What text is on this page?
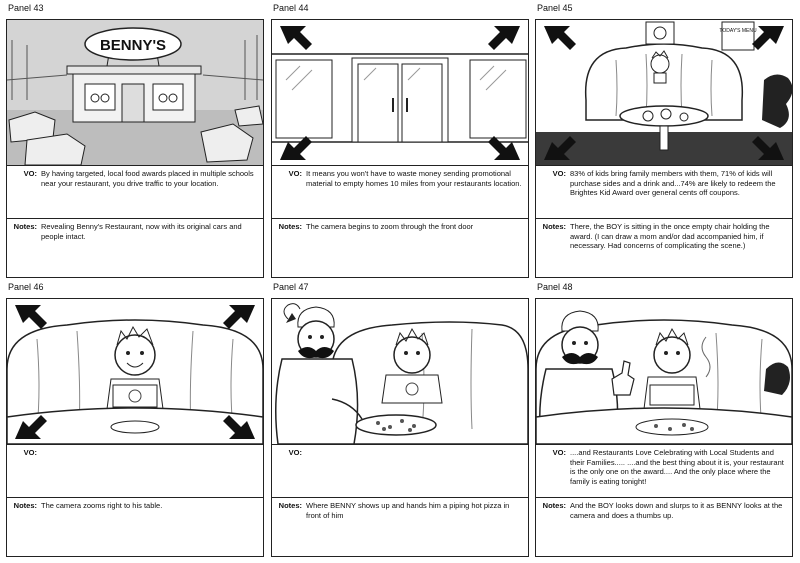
Panel 43
BENNY'S
VO: By having targeted, local food awards placed in multiple schools near your restaurant, you drive traffic to your location.
Notes: Revealing Benny's Restaurant, now with its original cars and people intact.
Panel 44
VO: It means you won't have to waste money sending promotional material to empty homes 10 miles from your restaurants location.
Notes: The camera begins to zoom through the front door
Panel 45
TODAY'S MENU
VO: 83% of kids bring family members with them, 71% of kids will purchase sides and a drink and...74% are likely to redeem the Brightes Kid Award over general cents off coupons.
Notes: There, the BOY is sitting in the once empty chair holding the award. (I can draw a mom and/or dad accompanied him, if necessary. Had concerns of complicating the scene.)
Panel 46
VO:
Notes: The camera zooms right to his table.
Panel 47
VO:
Notes: Where BENNY shows up and hands him a piping hot pizza in front of him
Panel 48
VO: ....and Restaurants Love Celebrating with Local Students and their Families..... ....and the best thing about it is, your restaurant is the only one on the award.... And the only place where the family is eating tonight!
Notes: And the BOY looks down and slurps to it as BENNY looks at the camera and does a thumbs up.
